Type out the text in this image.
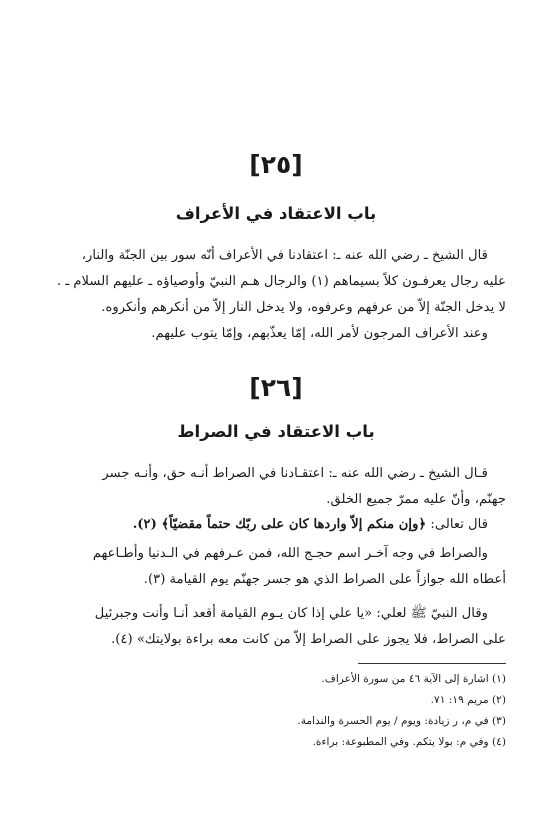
[٢٥]
باب الاعتقاد في الأعراف
قال الشيخ ـ رضي الله عنه ـ: اعتقادنا في الأعراف أنّه سور بين الجنّة والنار،
عليه رجال يعرفـون كلاً بسيماهم (١) والرجال هـم النبيّ وأوصياؤه ـ عليهم السلام ـ .
لا يدخل الجنّة إلاّ من عرفهم وعرفوه، ولا يدخل النار إلاّ من أنكرهم وأنكروه.
وعند الأعراف المرجون لأمر الله، إمّا يعذّبهم، وإمّا يتوب عليهم.
[٢٦]
باب الاعتقاد في الصراط
قـال الشيخ ـ رضي الله عنه ـ: اعتقـادنا في الصراط أنـه حق، وأنـه جسر
جهنّم، وأنّ عليه ممرّ جميع الخلق.
قال تعالى: ﴿وإن منكم إلاّ واردها كان على ربّك حتماً مقضيّاً﴾ (٢).
والصراط في وجه آخـر اسم حجـج الله، فمن عـرفهم في الـدنيا وأطـاعهم
أعطاه الله جوازاً على الصراط الذي هو جسر جهنّم يوم القيامة (٣).
وقال النبيّ ﷺ لعلي: «يا علي إذا كان يـوم القيامة أقعد أنـا وأنت وجبرئيل
على الصراط، فلا يجوز على الصراط إلاّ من كانت معه براءة بولايتك» (٤).
(١) اشارة إلى الآية ٤٦ من سورة الأعراف.
(٢) مريم ١٩: ٧١.
(٣) في م، ر زيادة: ويوم / يوم الحسرة والندامة.
(٤) وفي م: بولا يتكم. وفي المطبوعة: براءة.
